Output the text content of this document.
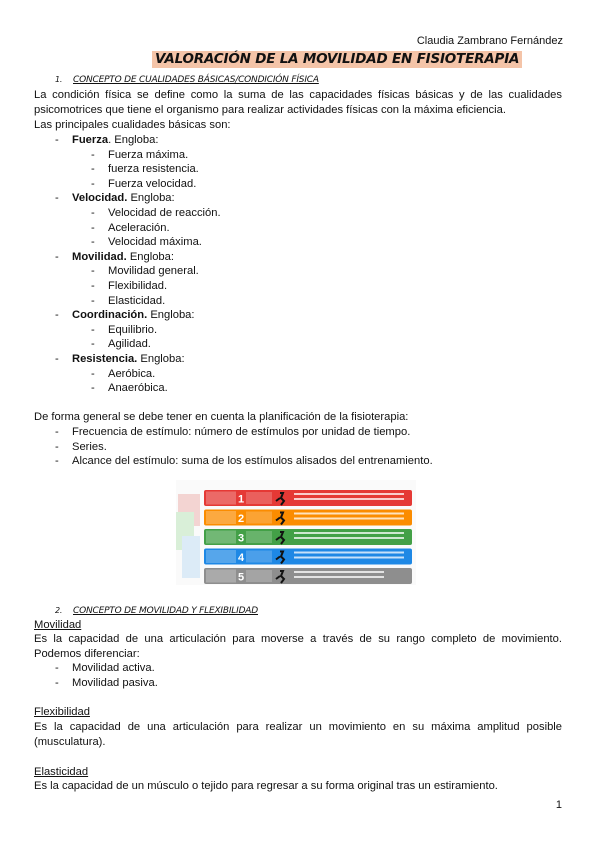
Claudia Zambrano Fernández
VALORACIÓN DE LA MOVILIDAD EN FISIOTERAPIA
1. CONCEPTO DE CUALIDADES BÁSICAS/CONDICIÓN FÍSICA
La condición física se define como la suma de las capacidades físicas básicas y de las cualidades psicomotrices que tiene el organismo para realizar actividades físicas con la máxima eficiencia.
Las principales cualidades básicas son:
- Fuerza. Engloba:
- Fuerza máxima.
- fuerza resistencia.
- Fuerza velocidad.
- Velocidad. Engloba:
- Velocidad de reacción.
- Aceleración.
- Velocidad máxima.
- Movilidad. Engloba:
- Movilidad general.
- Flexibilidad.
- Elasticidad.
- Coordinación. Engloba:
- Equilibrio.
- Agilidad.
- Resistencia. Engloba:
- Aeróbica.
- Anaeróbica.
De forma general se debe tener en cuenta la planificación de la fisioterapia:
- Frecuencia de estímulo: número de estímulos por unidad de tiempo.
- Series.
- Alcance del estímulo: suma de los estímulos alisados del entrenamiento.
1
2
3
4
5
2. CONCEPTO DE MOVILIDAD Y FLEXIBILIDAD
Movilidad
Es la capacidad de una articulación para moverse a través de su rango completo de movimiento. Podemos diferenciar:
- Movilidad activa.
- Movilidad pasiva.
Flexibilidad
Es la capacidad de una articulación para realizar un movimiento en su máxima amplitud posible (musculatura).
Elasticidad
Es la capacidad de un músculo o tejido para regresar a su forma original tras un estiramiento.
1
